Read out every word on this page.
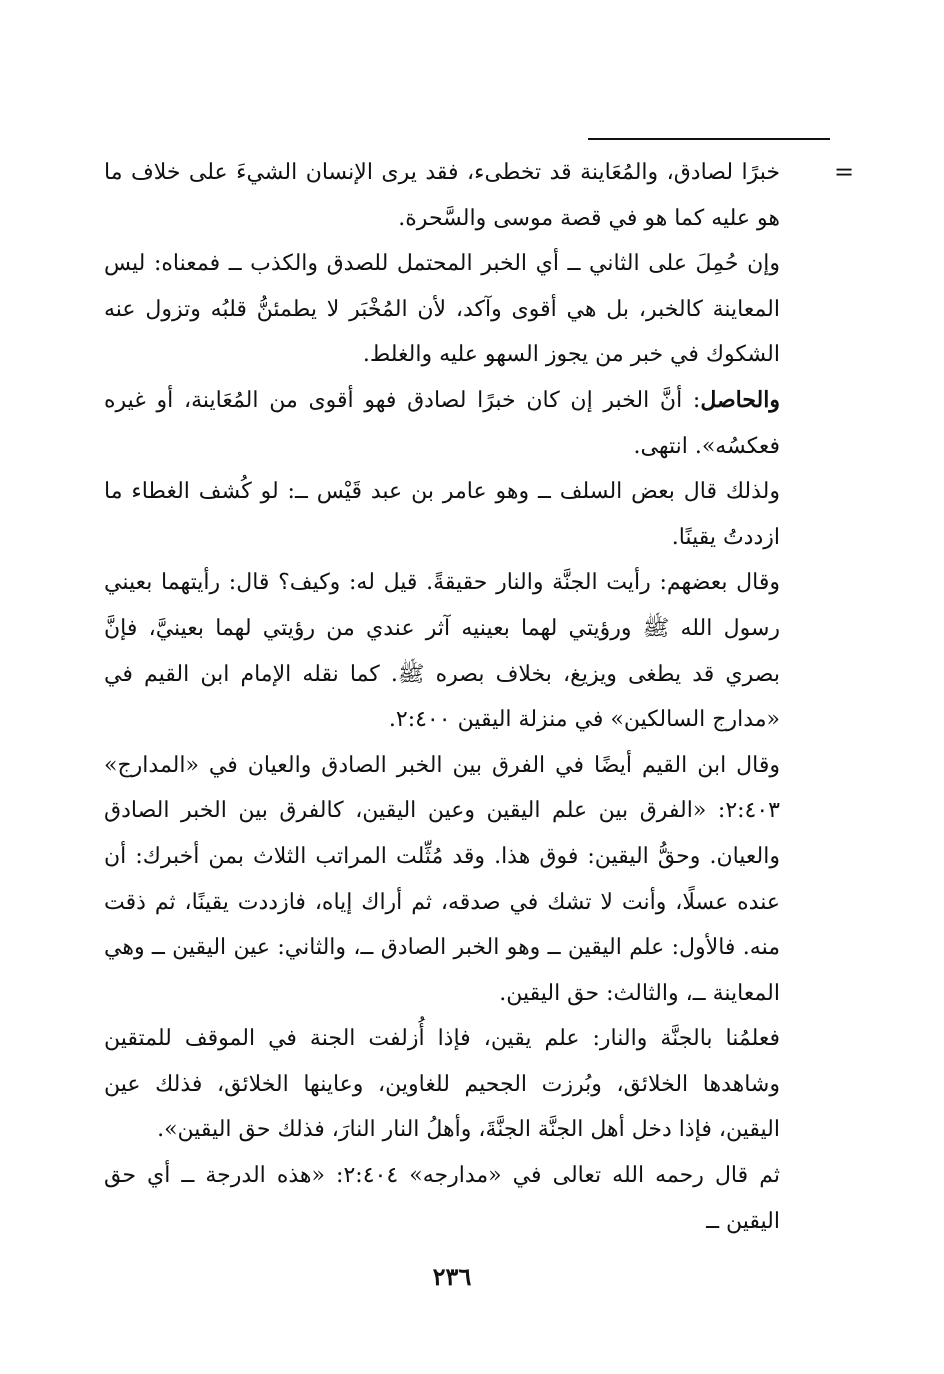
=

خبرًا لصادق، والمُعَاينة قد تخطىء، فقد يرى الإنسان الشيءَ على خلاف ما هو عليه كما هو في قصة موسى والسَّحرة.

وإن حُمِلَ على الثاني ــ أي الخبر المحتمل للصدق والكذب ــ فمعناه: ليس المعاينة كالخبر، بل هي أقوى وآكد، لأن المُخْبَر لا يطمئنُّ قلبُه وتزول عنه الشكوك في خبر من يجوز السهو عليه والغلط.

والحاصل: أنَّ الخبر إن كان خبرًا لصادق فهو أقوى من المُعَاينة، أو غيره فعكسُه». انتهى.

ولذلك قال بعض السلف ــ وهو عامر بن عبد قَيْس ــ: لو كُشف الغطاء ما ازددتُ يقينًا.

وقال بعضهم: رأيت الجنَّة والنار حقيقةً. قيل له: وكيف؟ قال: رأيتهما بعيني رسول الله ﷺ ورؤيتي لهما بعينيه آثر عندي من رؤيتي لهما بعينيَّ، فإنَّ بصري قد يطغى ويزيغ، بخلاف بصره ﷺ. كما نقله الإمام ابن القيم في «مدارج السالكين» في منزلة اليقين ٢:٤٠٠.

وقال ابن القيم أيضًا في الفرق بين الخبر الصادق والعيان في «المدارج» ٢:٤٠٣: «الفرق بين علم اليقين وعين اليقين، كالفرق بين الخبر الصادق والعيان. وحقُّ اليقين: فوق هذا. وقد مُثِّلت المراتب الثلاث بمن أخبرك: أن عنده عسلًا، وأنت لا تشك في صدقه، ثم أراك إياه، فازددت يقينًا، ثم ذقت منه. فالأول: علم اليقين ــ وهو الخبر الصادق ــ، والثاني: عين اليقين ــ وهي المعاينة ــ، والثالث: حق اليقين.

فعلمُنا بالجنَّة والنار: علم يقين، فإذا أُزلفت الجنة في الموقف للمتقين وشاهدها الخلائق، وبُرزت الجحيم للغاوين، وعاينها الخلائق، فذلك عين اليقين، فإذا دخل أهل الجنَّة الجنَّةَ، وأهلُ النار النارَ، فذلك حق اليقين».

ثم قال رحمه الله تعالى في «مدارجه» ٢:٤٠٤: «هذه الدرجة ــ أي حق اليقين ــ

٢٣٦
